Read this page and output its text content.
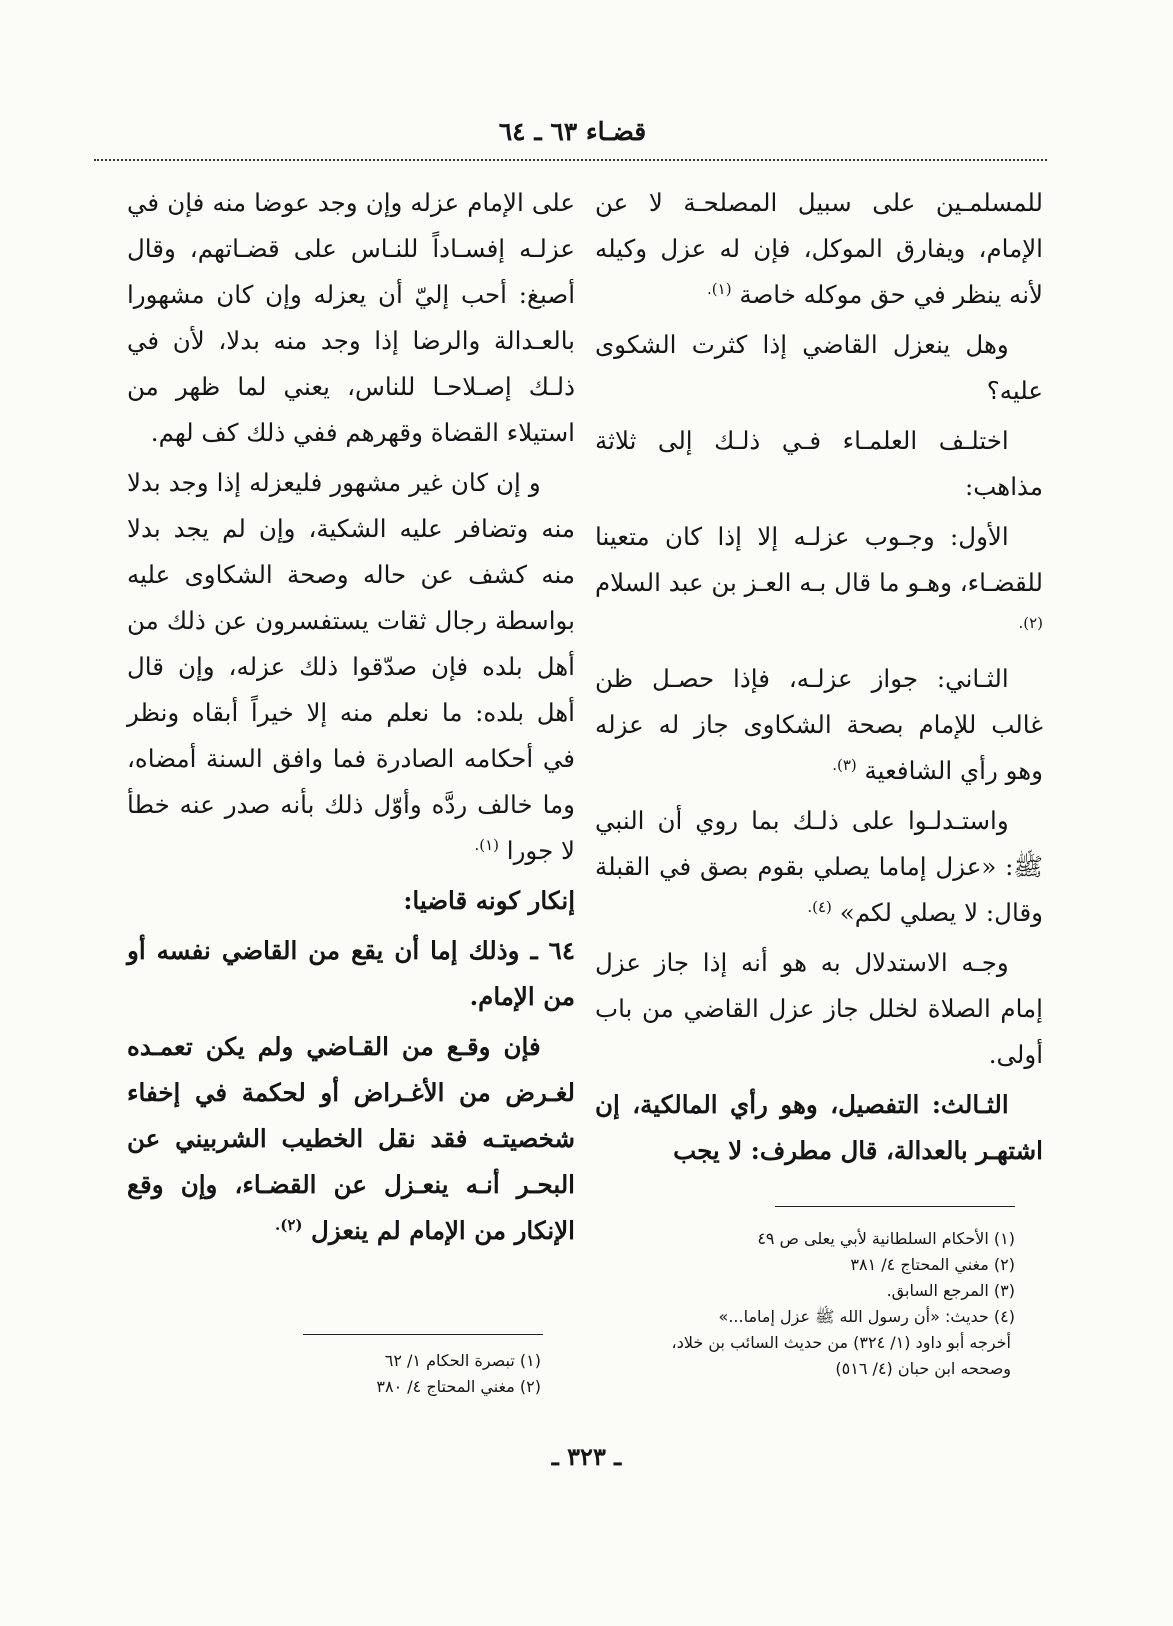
قضـاء ٦٣ ـ ٦٤

للمسلمـين على سبيل المصلحـة لا عن الإمام، ويفارق الموكل، فإن له عزل وكيله لأنه ينظر في حق موكله خاصة $^{(١).}$

وهل ينعزل القاضي إذا كثرت الشكوى عليه؟

اختلـف العلمـاء فـي ذلـك إلى ثلاثة مذاهب:

الأول: وجـوب عزلـه إلا إذا كان متعينا للقضـاء، وهـو ما قال بـه العـز بن عبد السلام $^{(٢).}$

الثـاني: جواز عزلـه، فإذا حصـل ظن غالب للإمام بصحة الشكاوى جاز له عزله وهو رأي الشافعية $^{(٣).}$

واستـدلـوا على ذلـك بما روي أن النبي ﷺ: «عزل إماما يصلي بقوم بصق في القبلة وقال: لا يصلي لكم» $^{(٤).}$

وجـه الاستدلال به هو أنه إذا جاز عزل إمام الصلاة لخلل جاز عزل القاضي من باب أولى.

الثـالث: التفصيل، وهو رأي المالكية، إن اشتهـر بالعدالة، قال مطرف: لا يجب

على الإمام عزله وإن وجد عوضا منه فإن في عزلـه إفسـاداً للنـاس على قضـاتهم، وقال أصبغ: أحب إليّ أن يعزله وإن كان مشهورا بالعـدالة والرضا إذا وجد منه بدلا، لأن في ذلـك إصـلاحـا للناس، يعني لما ظهر من استيلاء القضاة وقهرهم ففي ذلك كف لهم.

و إن كان غير مشهور فليعزله إذا وجد بدلا منه وتضافر عليه الشكية، وإن لم يجد بدلا منه كشف عن حاله وصحة الشكاوى عليه بواسطة رجال ثقات يستفسرون عن ذلك من أهل بلده فإن صدّقوا ذلك عزله، وإن قال أهل بلده: ما نعلم منه إلا خيراً أبقاه ونظر في أحكامه الصادرة فما وافق السنة أمضاه، وما خالف ردَّه وأوّل ذلك بأنه صدر عنه خطأ لا جورا $^{(١).}$

إنكار كونه قاضيا:

٦٤ ـ وذلك إما أن يقع من القاضي نفسه أو من الإمام.

فإن وقـع من القـاضي ولم يكن تعمـده لغـرض من الأغـراض أو لحكمة في إخفاء شخصيتـه فقد نقل الخطيب الشربيني عن البحـر أنـه ينعـزل عن القضـاء، وإن وقع الإنكار من الإمام لم ينعزل $^{(٢).}$

(١) الأحكام السلطانية لأبي يعلى ص ٤٩

(٢) مغني المحتاج ٤/ ٣٨١

(٣) المرجع السابق.

(٤) حديث: «أن رسول الله ﷺ عزل إماما...»

أخرجه أبو داود (١/ ٣٢٤) من حديث السائب بن خلاد،

وصححه ابن حبان (٤/ ٥١٦)

(١) تبصرة الحكام ١/ ٦٢

(٢) مغني المحتاج ٤/ ٣٨٠

ـ ٣٢٣ ـ
